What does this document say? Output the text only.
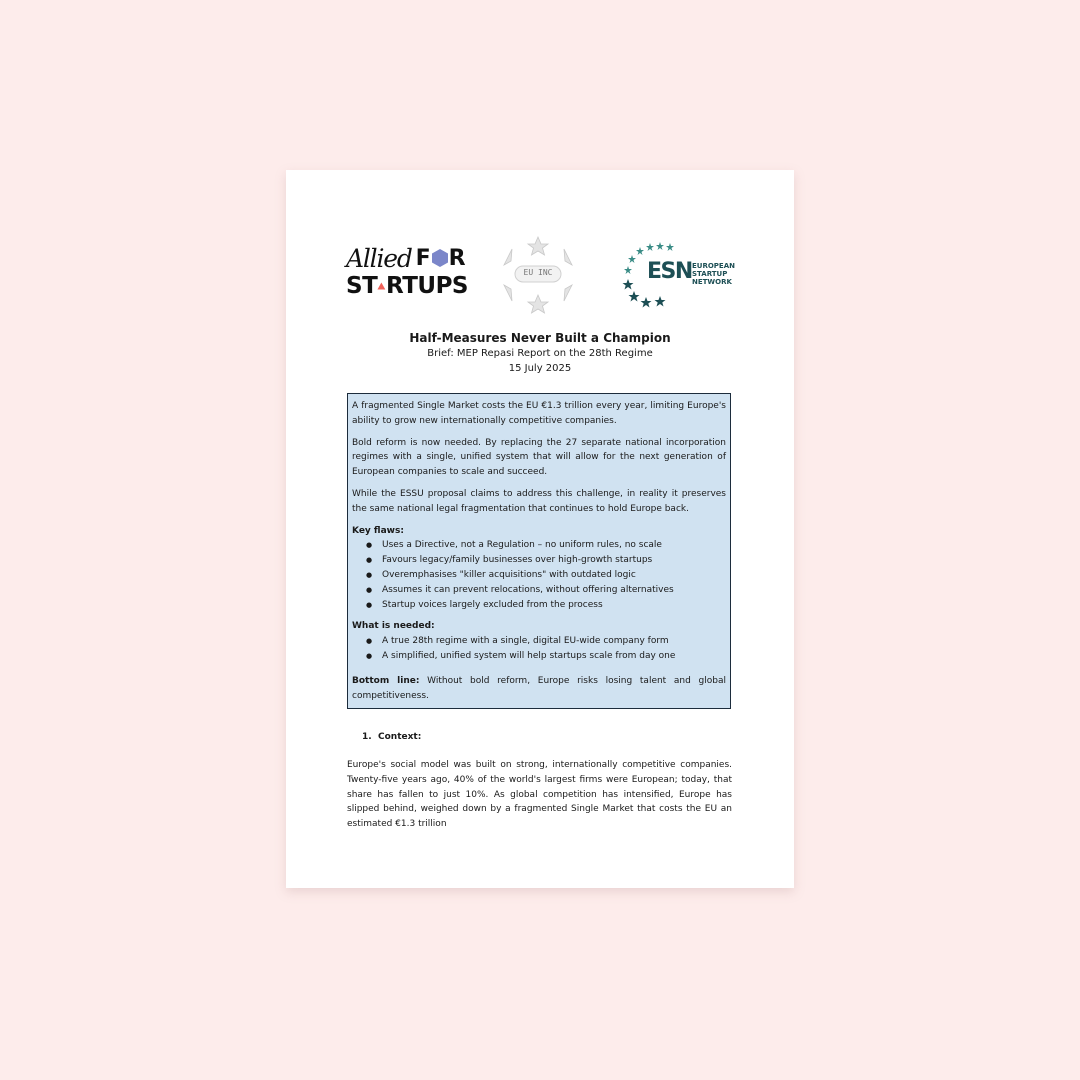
Allied F
R
ST RTUPS
EU INC	ESN EUROPEAN
STARTUP
NETWORK
Half-Measures Never Built a Champion
Brief: MEP Repasi Report on the 28th Regime
15 July 2025

A fragmented Single Market costs the EU €1.3 trillion every year, limiting Europe's ability to grow new internationally competitive companies.

Bold reform is now needed. By replacing the 27 separate national incorporation regimes with a single, unified system that will allow for the next generation of European companies to scale and succeed.

While the ESSU proposal claims to address this challenge, in reality it preserves the same national legal fragmentation that continues to hold Europe back.

Key flaws:
● Uses a Directive, not a Regulation – no uniform rules, no scale
● Favours legacy/family businesses over high-growth startups
● Overemphasises "killer acquisitions" with outdated logic
● Assumes it can prevent relocations, without offering alternatives
● Startup voices largely excluded from the process
What is needed:
● A true 28th regime with a single, digital EU-wide company form
● A simplified, unified system will help startups scale from day one

Bottom line: Without bold reform, Europe risks losing talent and global competitiveness.

1. Context:
Europe's social model was built on strong, internationally competitive companies. Twenty-five years ago, 40% of the world's largest firms were European; today, that share has fallen to just 10%. As global competition has intensified, Europe has slipped behind, weighed down by a fragmented Single Market that costs the EU an estimated €1.3 trillion
